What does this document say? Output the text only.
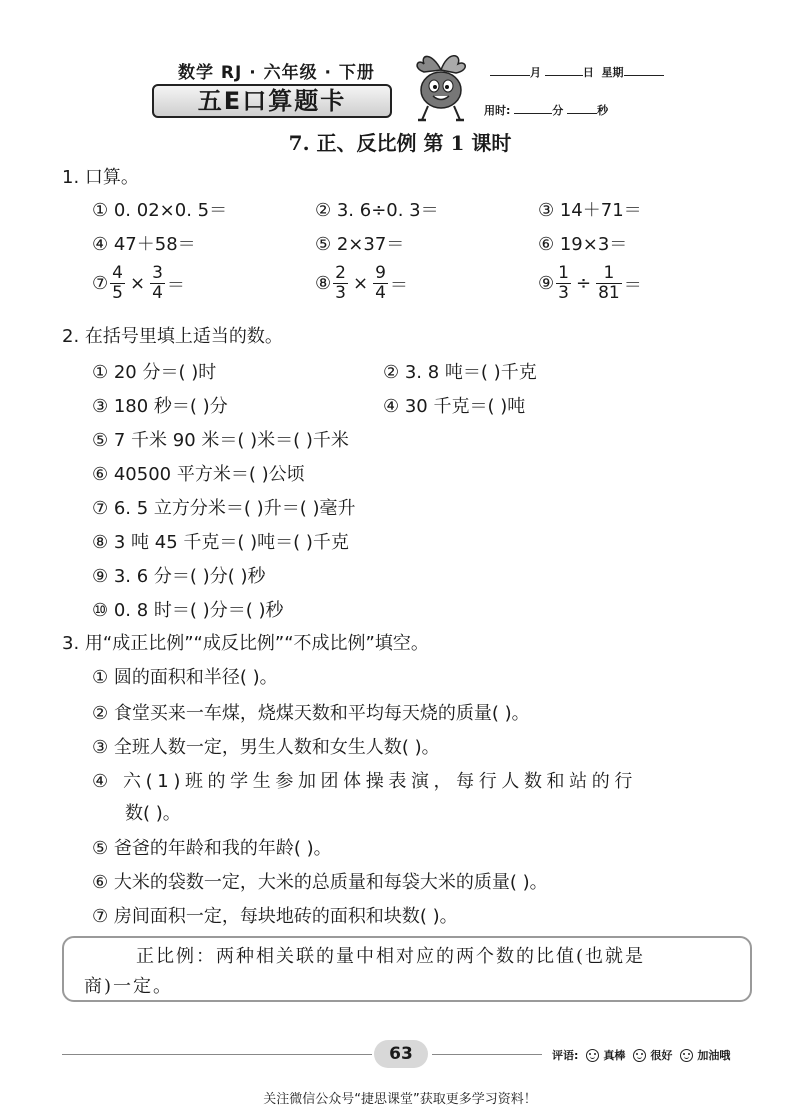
数学 RJ · 六年级 · 下册
五E口算题卡
月	日 星期
用时:	分	秒
7. 正、反比例 第 1 课时
1. 口算。
① 0. 02×0. 5＝	② 3. 6÷0. 3＝	③ 14＋71＝
④ 47＋58＝	⑤ 2×37＝	⑥ 19×3＝
⑦ $\frac{4}{5} \times \frac{3}{4}$ ＝	⑧ $\frac{2}{3} \times \frac{9}{4}$ ＝	⑨ $\frac{1}{3} \div \frac{1}{81}$ ＝
2. 在括号里填上适当的数。
① 20 分＝( )时	② 3. 8 吨＝( )千克
③ 180 秒＝( )分	④ 30 千克＝( )吨
⑤ 7 千米 90 米＝( )米＝( )千米
⑥ 40500 平方米＝( )公顷
⑦ 6. 5 立方分米＝( )升＝( )毫升
⑧ 3 吨 45 千克＝( )吨＝( )千克
⑨ 3. 6 分＝( )分( )秒
⑩ 0. 8 时＝( )分＝( )秒
3. 用“成正比例”“成反比例”“不成比例”填空。
① 圆的面积和半径( )。
② 食堂买来一车煤，烧煤天数和平均每天烧的质量( )。
③ 全班人数一定，男生人数和女生人数( )。
④ 六(1)班的学生参加团体操表演，每行人数和站的行
数( )。
⑤ 爸爸的年龄和我的年龄( )。
⑥ 大米的袋数一定，大米的总质量和每袋大米的质量( )。
⑦ 房间面积一定，每块地砖的面积和块数( )。
正比例：两种相关联的量中相对应的两个数的比值(也就是
商)一定。
63	评语: 真棒 很好 加油哦
关注微信公众号“捷思课堂”获取更多学习资料！
